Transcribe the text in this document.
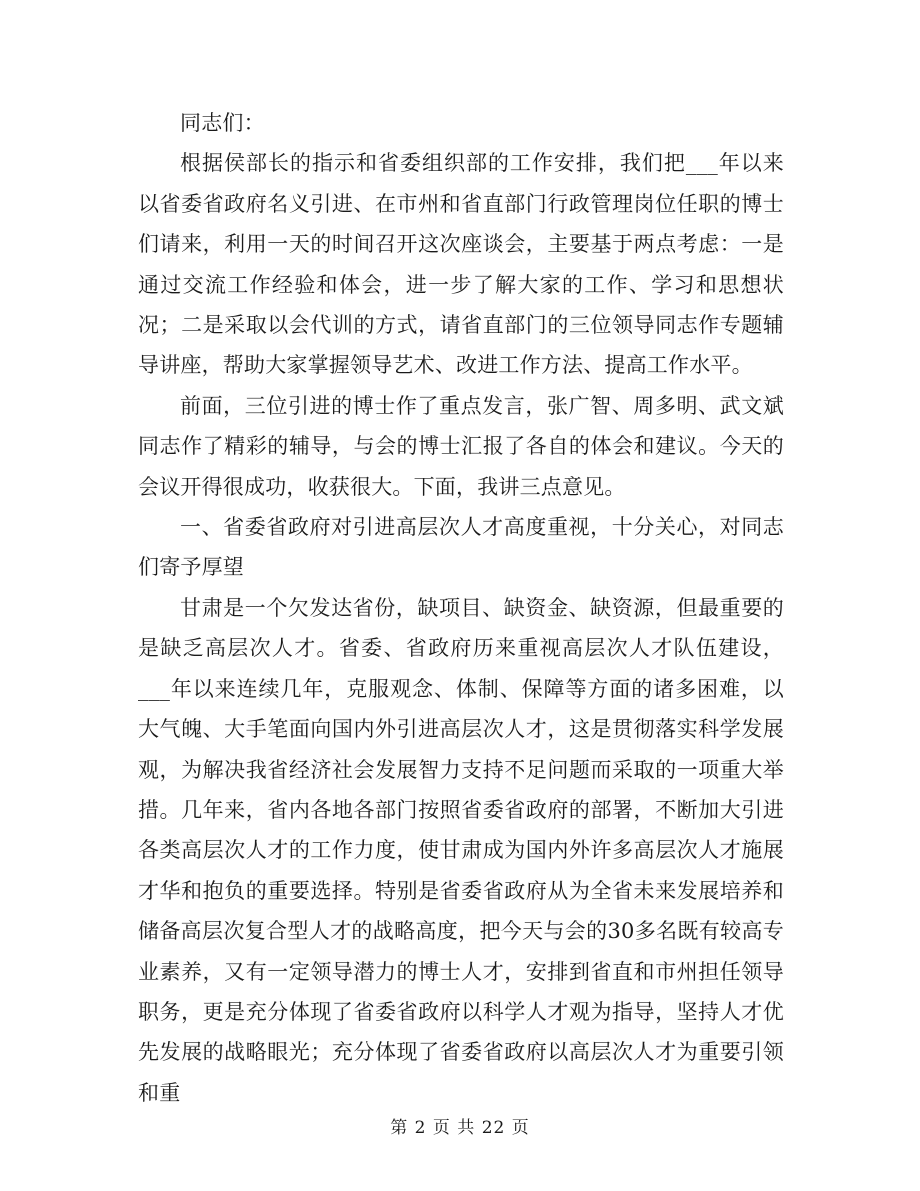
同志们：

根据侯部长的指示和省委组织部的工作安排，我们把___年以来以省委省政府名义引进、在市州和省直部门行政管理岗位任职的博士们请来，利用一天的时间召开这次座谈会，主要基于两点考虑：一是通过交流工作经验和体会，进一步了解大家的工作、学习和思想状况；二是采取以会代训的方式，请省直部门的三位领导同志作专题辅导讲座，帮助大家掌握领导艺术、改进工作方法、提高工作水平。

前面，三位引进的博士作了重点发言，张广智、周多明、武文斌同志作了精彩的辅导，与会的博士汇报了各自的体会和建议。今天的会议开得很成功，收获很大。下面，我讲三点意见。

一、省委省政府对引进高层次人才高度重视，十分关心，对同志们寄予厚望

甘肃是一个欠发达省份，缺项目、缺资金、缺资源，但最重要的是缺乏高层次人才。省委、省政府历来重视高层次人才队伍建设，___年以来连续几年，克服观念、体制、保障等方面的诸多困难，以大气魄、大手笔面向国内外引进高层次人才，这是贯彻落实科学发展观，为解决我省经济社会发展智力支持不足问题而采取的一项重大举措。几年来，省内各地各部门按照省委省政府的部署，不断加大引进各类高层次人才的工作力度，使甘肃成为国内外许多高层次人才施展才华和抱负的重要选择。特别是省委省政府从为全省未来发展培养和储备高层次复合型人才的战略高度，把今天与会的30多名既有较高专业素养，又有一定领导潜力的博士人才，安排到省直和市州担任领导职务，更是充分体现了省委省政府以科学人才观为指导，坚持人才优先发展的战略眼光；充分体现了省委省政府以高层次人才为重要引领和重

第 2 页 共 22 页
